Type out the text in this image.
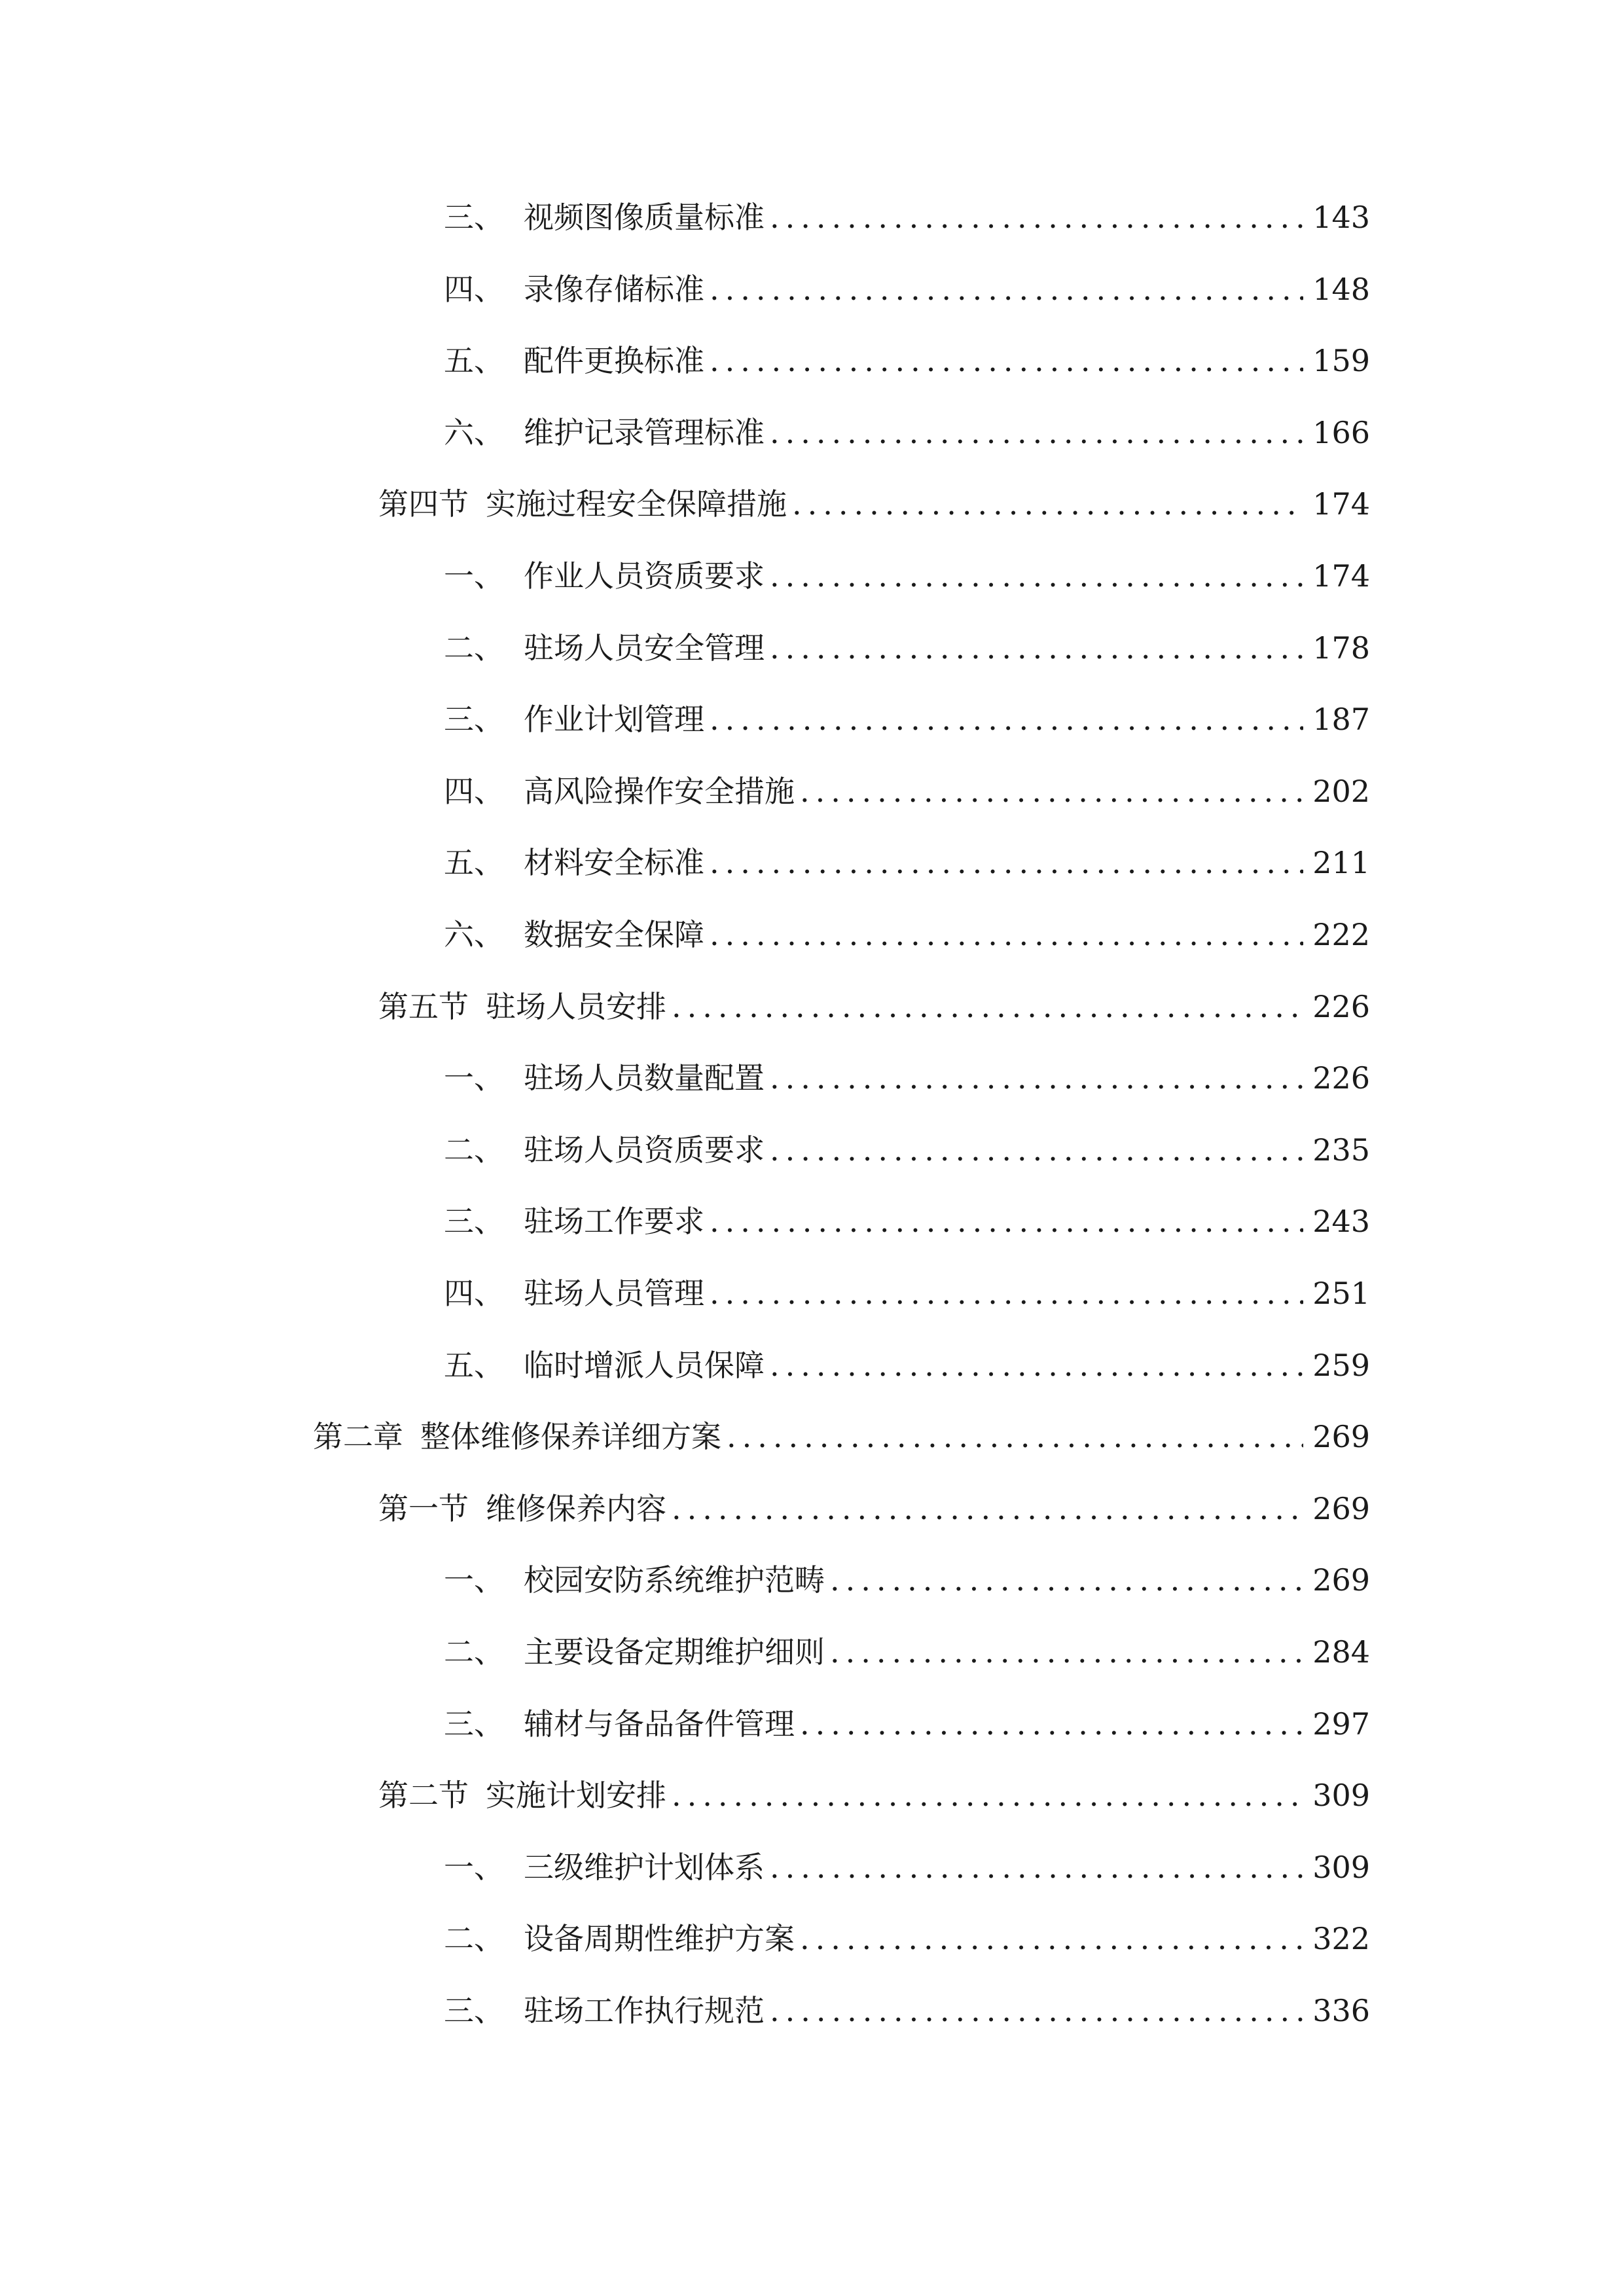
三、 视频图像质量标准 .....	143
四、 录像存储标准 .....	148
五、 配件更换标准 .....	159
六、 维护记录管理标准 .....	166
第四节 实施过程安全保障措施 .....	174
一、 作业人员资质要求 .....	174
二、 驻场人员安全管理 .....	178
三、 作业计划管理 .....	187
四、 高风险操作安全措施 .....	202
五、 材料安全标准 .....	211
六、 数据安全保障 .....	222
第五节 驻场人员安排 .....	226
一、 驻场人员数量配置 .....	226
二、 驻场人员资质要求 .....	235
三、 驻场工作要求 .....	243
四、 驻场人员管理 .....	251
五、 临时增派人员保障 .....	259
第二章 整体维修保养详细方案 .....	269
第一节 维修保养内容 .....	269
一、 校园安防系统维护范畴 .....	269
二、 主要设备定期维护细则 .....	284
三、 辅材与备品备件管理 .....	297
第二节 实施计划安排 .....	309
一、 三级维护计划体系 .....	309
二、 设备周期性维护方案 .....	322
三、 驻场工作执行规范 .....	336
